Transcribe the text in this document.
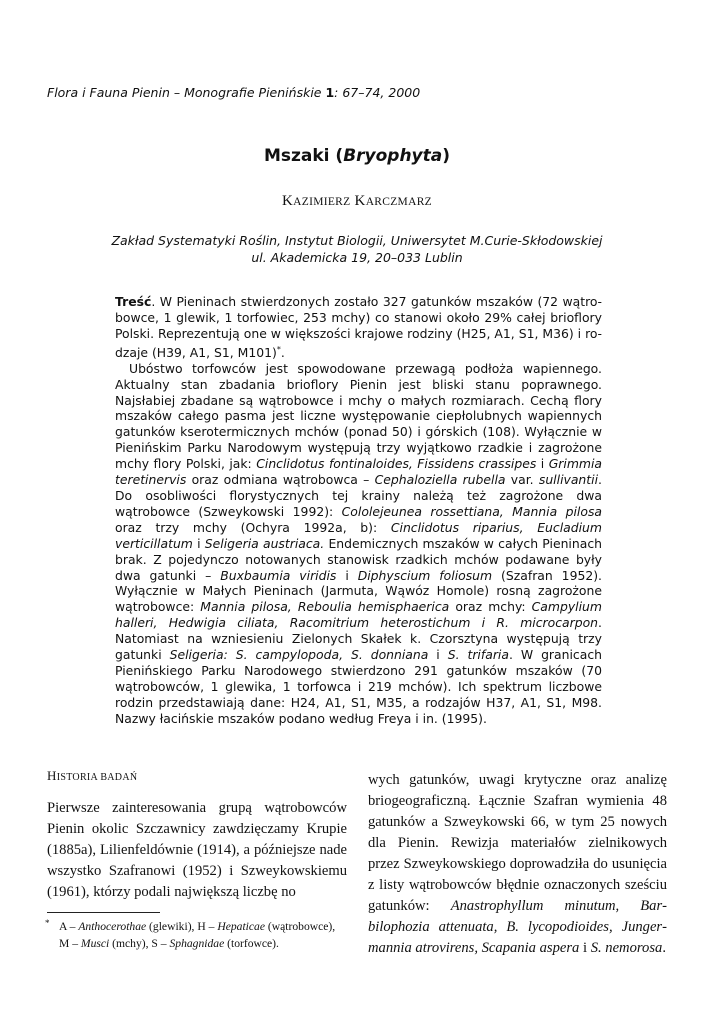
Flora i Fauna Pienin – Monografie Pienińskie 1: 67–74, 2000
Mszaki (Bryophyta)
KAZIMIERZ KARCZMARZ
Zakład Systematyki Roślin, Instytut Biologii, Uniwersytet M.Curie-Skłodowskiej
ul. Akademicka 19, 20–033 Lublin

Treść. W Pieninach stwierdzonych zostało 327 gatunków mszaków (72 wątrobowce, 1 glewik, 1 torfowiec, 253 mchy) co stanowi około 29% całej brioflory Polski. Reprezentują one w większości krajowe rodziny (H25, A1, S1, M36) i rodzaje (H39, A1, S1, M101)*.

Ubóstwo torfowców jest spowodowane przewagą podłoża wapiennego. Aktualny stan zbadania brioflory Pienin jest bliski stanu poprawnego. Najsłabiej zbadane są wątrobowce i mchy o małych rozmiarach. Cechą flory mszaków całego pasma jest liczne występowanie ciepłolubnych wapiennych gatunków kserotermicznych mchów (ponad 50) i górskich (108). Wyłącznie w Pienińskim Parku Narodowym występują trzy wyjątkowo rzadkie i zagrożone mchy flory Polski, jak: Cinclidotus fontinaloides, Fissidens crassipes i Grimmia teretinervis oraz odmiana wątrobowca – Cephaloziella rubella var. sullivantii. Do osobliwości florystycznych tej krainy należą też zagrożone dwa wątrobowce (Szweykowski 1992): Cololejeunea rossettiana, Mannia pilosa oraz trzy mchy (Ochyra 1992a, b): Cinclidotus riparius, Eucladium verticillatum i Seligeria austriaca. Endemicznych mszaków w całych Pieninach brak. Z pojedynczo notowanych stanowisk rzadkich mchów podawane były dwa gatunki – Buxbaumia viridis i Diphyscium foliosum (Szafran 1952). Wyłącznie w Małych Pieninach (Jarmuta, Wąwóz Homole) rosną zagrożone wątrobowce: Mannia pilosa, Reboulia hemisphaerica oraz mchy: Campylium halleri, Hedwigia ciliata, Racomitrium heterostichum i R. microcarpon. Natomiast na wzniesieniu Zielonych Skałek k. Czorsztyna występują trzy gatunki Seligeria: S. campylopoda, S. donniana i S. trifaria. W granicach Pienińskiego Parku Narodowego stwierdzono 291 gatunków mszaków (70 wątrobowców, 1 glewika, 1 torfowca i 219 mchów). Ich spektrum liczbowe rodzin przedstawiają dane: H24, A1, S1, M35, a rodzajów H37, A1, S1, M98. Nazwy łacińskie mszaków podano według Freya i in. (1995).

HISTORIA BADAŃ

Pierwsze zainteresowania grupą wątrobowców Pienin okolic Szczawnicy zawdzięczamy Krupie (1885a), Lilienfeldównie (1914), a późniejsze nade wszystko Szafranowi (1952) i Szweykowskiemu (1961), którzy podali największą liczbę no

wych gatunków, uwagi krytyczne oraz analizę briogeograficzną. Łącznie Szafran wymienia 48 gatunków a Szweykowski 66, w tym 25 nowych dla Pienin. Rewizja materiałów zielnikowych przez Szweykowskiego doprowadziła do usunięcia z listy wątrobowców błędnie oznaczonych sześciu gatunków: Anastrophyllum minutum, Barbilophozia attenuata, B. lycopodioides, Jungermannia atrovirens, Scapania aspera i S. nemorosa.

* A – Anthocerothae (glewiki), H – Hepaticae (wątrobowce), M – Musci (mchy), S – Sphagnidae (torfowce).
